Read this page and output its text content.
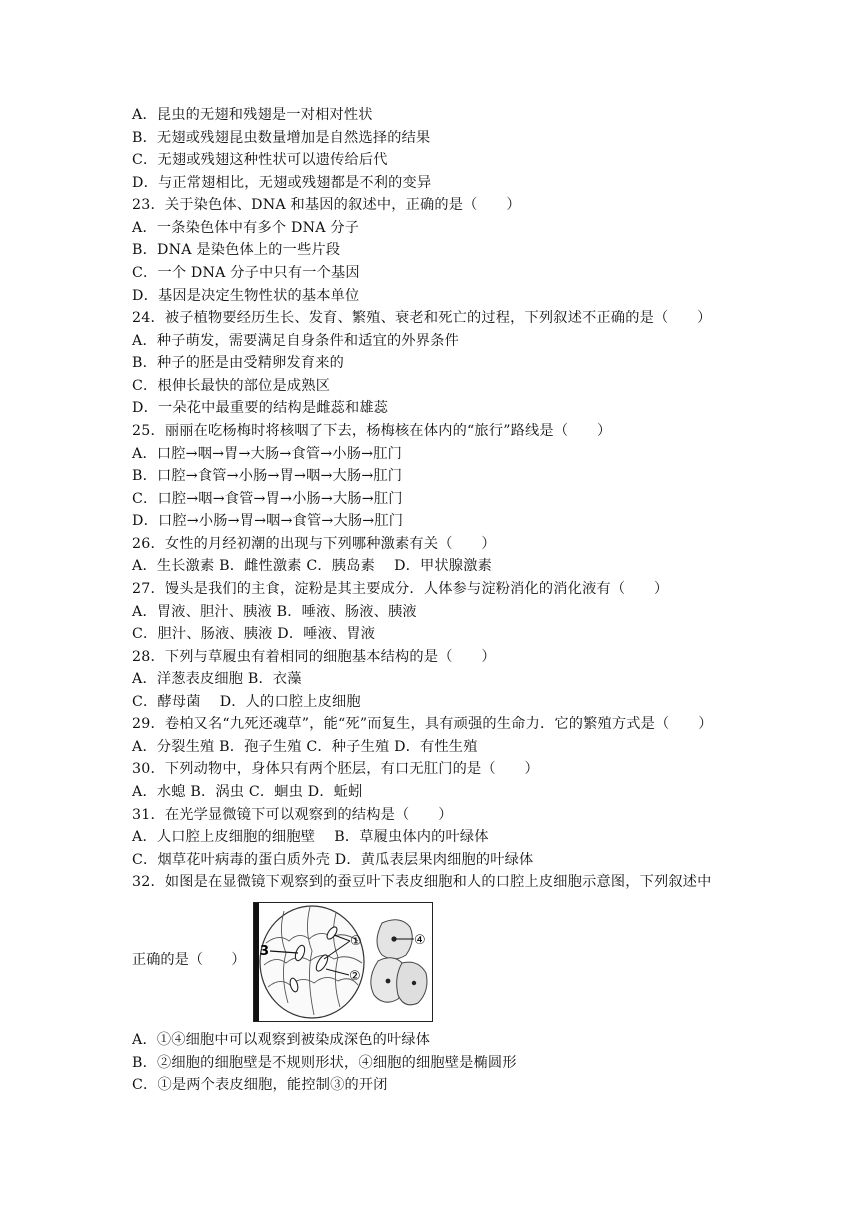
A．昆虫的无翅和残翅是一对相对性状
B．无翅或残翅昆虫数量增加是自然选择的结果
C．无翅或残翅这种性状可以遗传给后代
D．与正常翅相比，无翅或残翅都是不利的变异
23．关于染色体、DNA 和基因的叙述中，正确的是（　　）
A．一条染色体中有多个 DNA 分子
B．DNA 是染色体上的一些片段
C．一个 DNA 分子中只有一个基因
D．基因是决定生物性状的基本单位
24．被子植物要经历生长、发育、繁殖、衰老和死亡的过程，下列叙述不正确的是（　　）
A．种子萌发，需要满足自身条件和适宜的外界条件
B．种子的胚是由受精卵发育来的
C．根伸长最快的部位是成熟区
D．一朵花中最重要的结构是雌蕊和雄蕊
25．丽丽在吃杨梅时将核咽了下去，杨梅核在体内的“旅行”路线是（　　）
A．口腔→咽→胃→大肠→食管→小肠→肛门
B．口腔→食管→小肠→胃→咽→大肠→肛门
C．口腔→咽→食管→胃→小肠→大肠→肛门
D．口腔→小肠→胃→咽→食管→大肠→肛门
26．女性的月经初潮的出现与下列哪种激素有关（　　）
A．生长激素 B．雌性激素 C．胰岛素　 D．甲状腺激素
27．馒头是我们的主食，淀粉是其主要成分．人体参与淀粉消化的消化液有（　　）
A．胃液、胆汁、胰液 B．唾液、肠液、胰液
C．胆汁、肠液、胰液 D．唾液、胃液
28．下列与草履虫有着相同的细胞基本结构的是（　　）
A．洋葱表皮细胞 B．衣藻
C．酵母菌　 D．人的口腔上皮细胞
29．卷柏又名“九死还魂草”，能“死”而复生，具有顽强的生命力．它的繁殖方式是（　　）
A．分裂生殖 B．孢子生殖 C．种子生殖 D．有性生殖
30．下列动物中，身体只有两个胚层，有口无肛门的是（　　）
A．水螅 B．涡虫 C．蛔虫 D．蚯蚓
31．在光学显微镜下可以观察到的结构是（　　）
A．人口腔上皮细胞的细胞壁　 B．草履虫体内的叶绿体
C．烟草花叶病毒的蛋白质外壳 D．黄瓜表层果肉细胞的叶绿体
32．如图是在显微镜下观察到的蚕豆叶下表皮细胞和人的口腔上皮细胞示意图，下列叙述中
正确的是（　　）
3
①
②
④
A．①④细胞中可以观察到被染成深色的叶绿体
B．②细胞的细胞壁是不规则形状，④细胞的细胞壁是椭圆形
C．①是两个表皮细胞，能控制③的开闭
